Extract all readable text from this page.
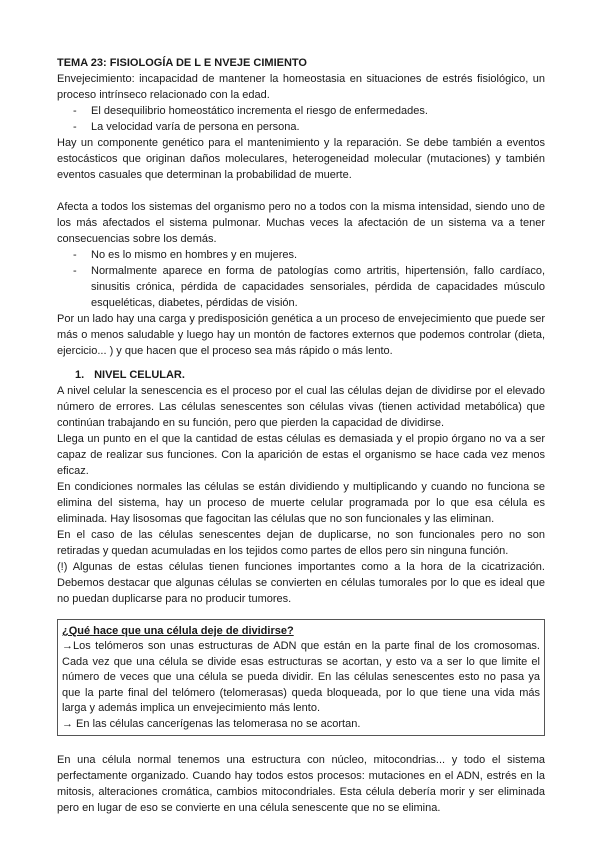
TEMA 23: FISIOLOGÍA DE L E NVEJE CIMIENTO

Envejecimiento: incapacidad de mantener la homeostasia en situaciones de estrés fisiológico, un proceso intrínseco relacionado con la edad.

- El desequilibrio homeostático incrementa el riesgo de enfermedades.
- La velocidad varía de persona en persona.

Hay un componente genético para el mantenimiento y la reparación. Se debe también a eventos estocásticos que originan daños moleculares, heterogeneidad molecular (mutaciones) y también eventos casuales que determinan la probabilidad de muerte.

Afecta a todos los sistemas del organismo pero no a todos con la misma intensidad, siendo uno de los más afectados el sistema pulmonar. Muchas veces la afectación de un sistema va a tener consecuencias sobre los demás.

- No es lo mismo en hombres y en mujeres.
- Normalmente aparece en forma de patologías como artritis, hipertensión, fallo cardíaco, sinusitis crónica, pérdida de capacidades sensoriales, pérdida de capacidades músculo esqueléticas, diabetes, pérdidas de visión.

Por un lado hay una carga y predisposición genética a un proceso de envejecimiento que puede ser más o menos saludable y luego hay un montón de factores externos que podemos controlar (dieta, ejercicio... ) y que hacen que el proceso sea más rápido o más lento.

1. NIVEL CELULAR.

A nivel celular la senescencia es el proceso por el cual las células dejan de dividirse por el elevado número de errores. Las células senescentes son células vivas (tienen actividad metabólica) que continúan trabajando en su función, pero que pierden la capacidad de dividirse.

Llega un punto en el que la cantidad de estas células es demasiada y el propio órgano no va a ser capaz de realizar sus funciones. Con la aparición de estas el organismo se hace cada vez menos eficaz.

En condiciones normales las células se están dividiendo y multiplicando y cuando no funciona se elimina del sistema, hay un proceso de muerte celular programada por lo que esa célula es eliminada. Hay lisosomas que fagocitan las células que no son funcionales y las eliminan.

En el caso de las células senescentes dejan de duplicarse, no son funcionales pero no son retiradas y quedan acumuladas en los tejidos como partes de ellos pero sin ninguna función.

(!) Algunas de estas células tienen funciones importantes como a la hora de la cicatrización. Debemos destacar que algunas células se convierten en células tumorales por lo que es ideal que no puedan duplicarse para no producir tumores.

¿Qué hace que una célula deje de dividirse?

→Los telómeros son unas estructuras de ADN que están en la parte final de los cromosomas. Cada vez que una célula se divide esas estructuras se acortan, y esto va a ser lo que limite el número de veces que una célula se pueda dividir. En las células senescentes esto no pasa ya que la parte final del telómero (telomerasas) queda bloqueada, por lo que tiene una vida más larga y además implica un envejecimiento más lento.

→ En las células cancerígenas las telomerasa no se acortan.

En una célula normal tenemos una estructura con núcleo, mitocondrias... y todo el sistema perfectamente organizado. Cuando hay todos estos procesos: mutaciones en el ADN, estrés en la mitosis, alteraciones cromática, cambios mitocondriales. Esta célula debería morir y ser eliminada pero en lugar de eso se convierte en una célula senescente que no se elimina.
